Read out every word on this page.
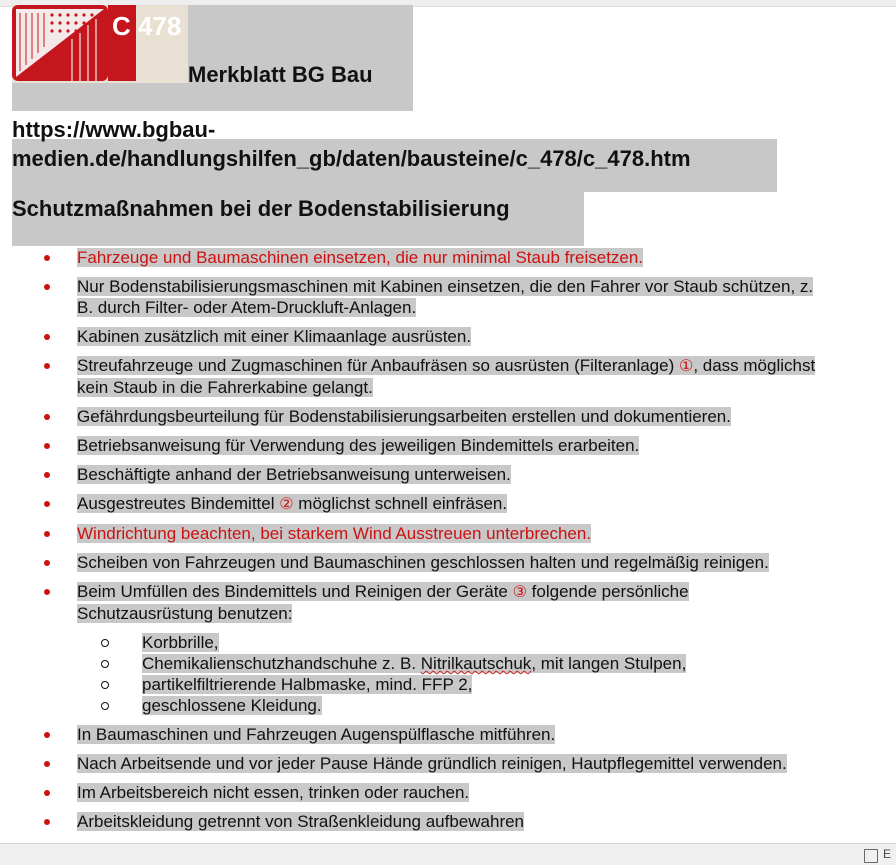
C 478
Merkblatt BG Bau
https://www.bgbau-
medien.de/handlungshilfen_gb/daten/bausteine/c_478/c_478.htm
Schutzmaßnahmen bei der Bodenstabilisierung
Fahrzeuge und Baumaschinen einsetzen, die nur minimal Staub freisetzen.
Nur Bodenstabilisierungsmaschinen mit Kabinen einsetzen, die den Fahrer vor Staub schützen, z. B. durch Filter- oder Atem-Druckluft-Anlagen.
Kabinen zusätzlich mit einer Klimaanlage ausrüsten.
Streufahrzeuge und Zugmaschinen für Anbaufräsen so ausrüsten (Filteranlage) ①, dass möglichst kein Staub in die Fahrerkabine gelangt.
Gefährdungsbeurteilung für Bodenstabilisierungsarbeiten erstellen und dokumentieren.
Betriebsanweisung für Verwendung des jeweiligen Bindemittels erarbeiten.
Beschäftigte anhand der Betriebsanweisung unterweisen.
Ausgestreutes Bindemittel ② möglichst schnell einfräsen.
Windrichtung beachten, bei starkem Wind Ausstreuen unterbrechen.
Scheiben von Fahrzeugen und Baumaschinen geschlossen halten und regelmäßig reinigen.
Beim Umfüllen des Bindemittels und Reinigen der Geräte ③ folgende persönliche Schutzausrüstung benutzen:
Korbbrille,
Chemikalienschutzhandschuhe z. B. Nitrilkautschuk, mit langen Stulpen,
partikelfiltrierende Halbmaske, mind. FFP 2,
geschlossene Kleidung.
In Baumaschinen und Fahrzeugen Augenspülflasche mitführen.
Nach Arbeitsende und vor jeder Pause Hände gründlich reinigen, Hautpflegemittel verwenden.
Im Arbeitsbereich nicht essen, trinken oder rauchen.
Arbeitskleidung getrennt von Straßenkleidung aufbewahren
E
